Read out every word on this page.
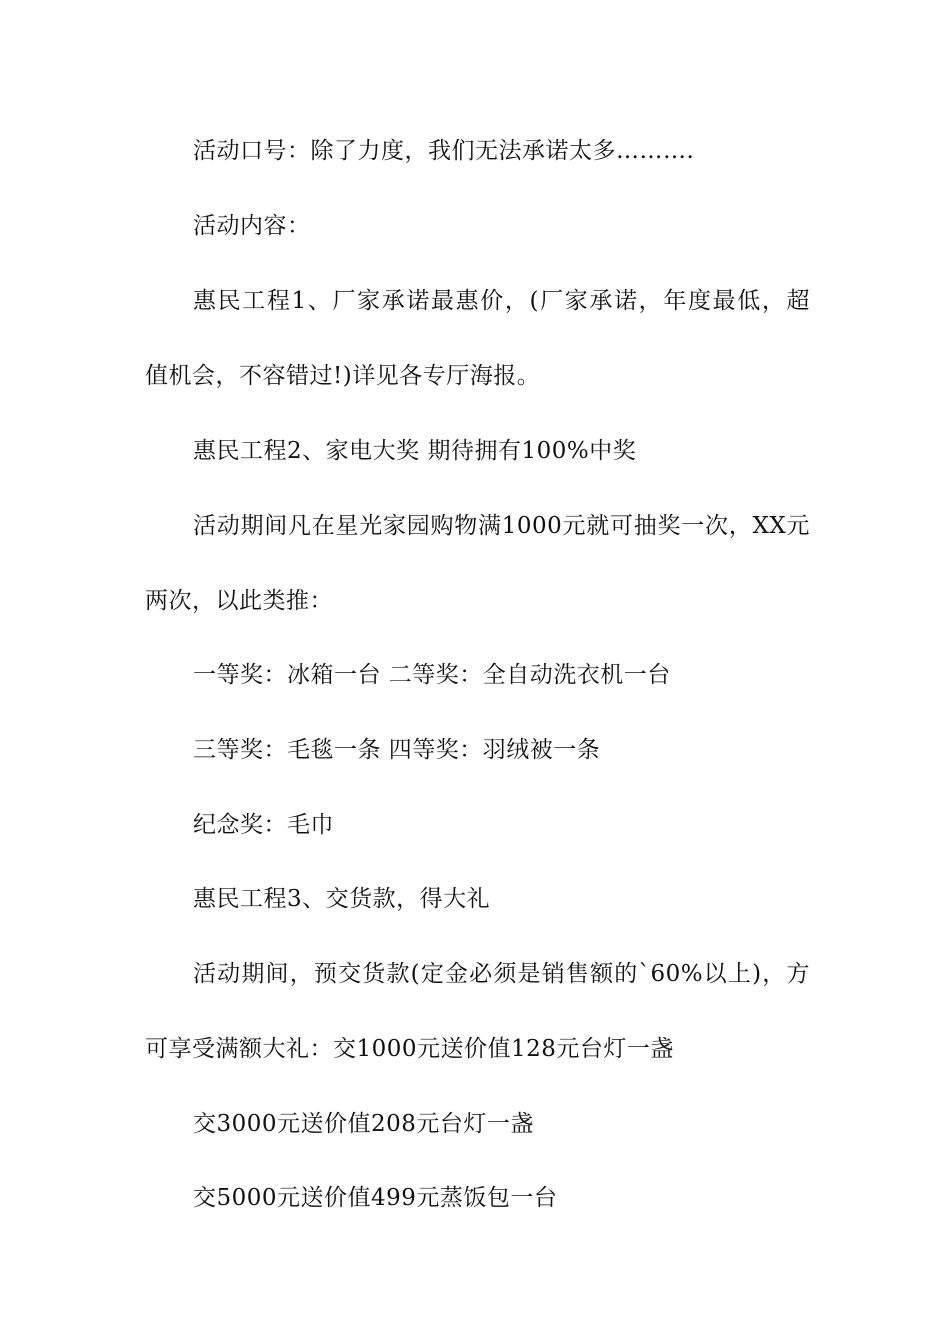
活动口号：除了力度，我们无法承诺太多……….
活动内容：
惠民工程1、厂家承诺最惠价，(厂家承诺，年度最低，超
值机会，不容错过!)详见各专厅海报。
惠民工程2、家电大奖 期待拥有100%中奖
活动期间凡在星光家园购物满1000元就可抽奖一次，XX元
两次，以此类推：
一等奖：冰箱一台 二等奖：全自动洗衣机一台
三等奖：毛毯一条 四等奖：羽绒被一条
纪念奖：毛巾
惠民工程3、交货款，得大礼
活动期间，预交货款(定金必须是销售额的`60%以上)，方
可享受满额大礼：交1000元送价值128元台灯一盏
交3000元送价值208元台灯一盏
交5000元送价值499元蒸饭包一台
